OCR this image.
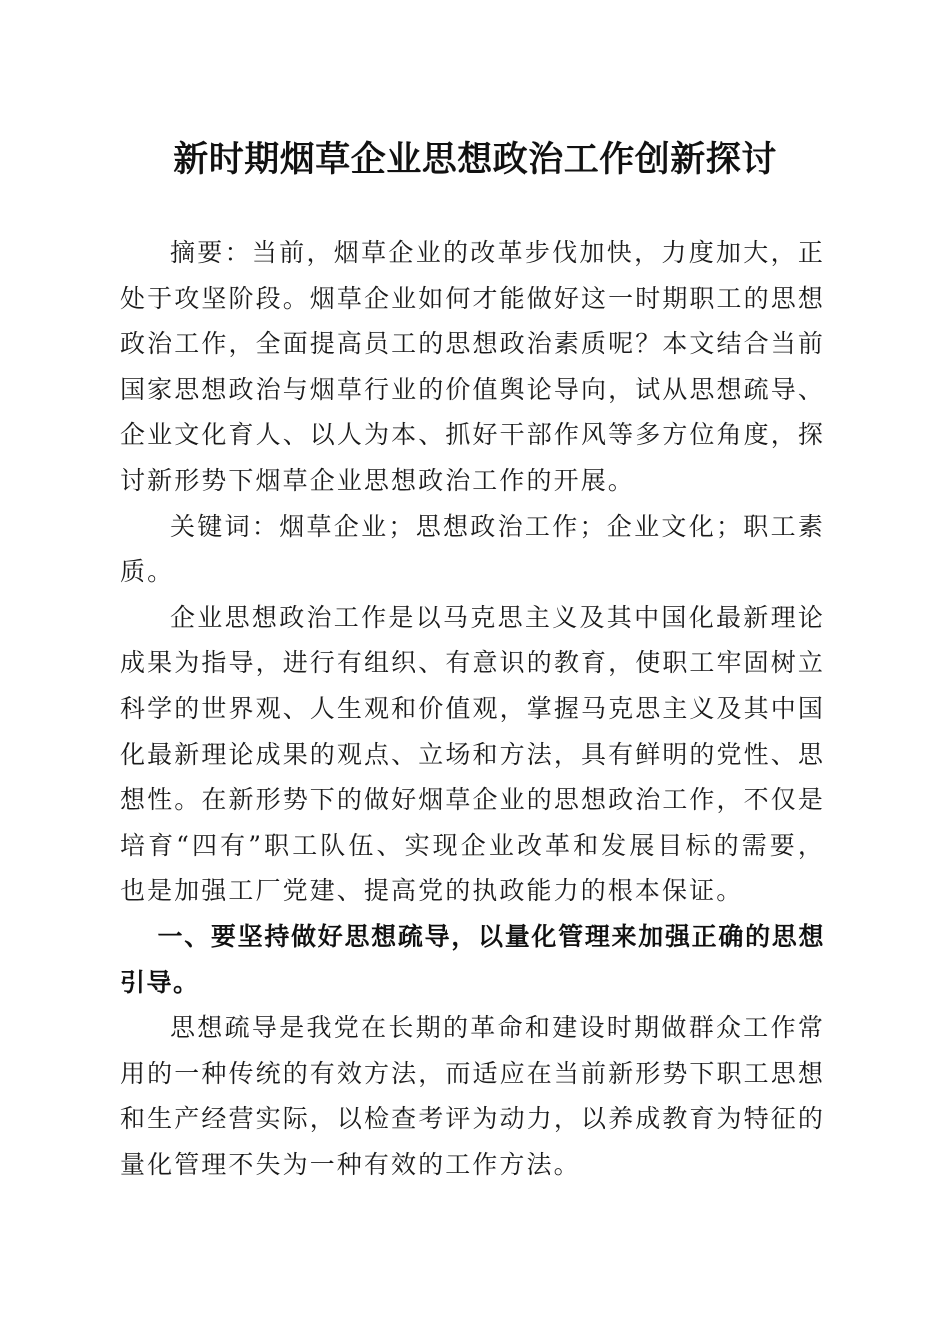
新时期烟草企业思想政治工作创新探讨

摘要：当前，烟草企业的改革步伐加快，力度加大，正处于攻坚阶段。烟草企业如何才能做好这一时期职工的思想政治工作，全面提高员工的思想政治素质呢？本文结合当前国家思想政治与烟草行业的价值舆论导向，试从思想疏导、企业文化育人、以人为本、抓好干部作风等多方位角度，探讨新形势下烟草企业思想政治工作的开展。

关键词：烟草企业；思想政治工作；企业文化；职工素质。

企业思想政治工作是以马克思主义及其中国化最新理论成果为指导，进行有组织、有意识的教育，使职工牢固树立科学的世界观、人生观和价值观，掌握马克思主义及其中国化最新理论成果的观点、立场和方法，具有鲜明的党性、思想性。在新形势下的做好烟草企业的思想政治工作，不仅是培育“四有”职工队伍、实现企业改革和发展目标的需要，也是加强工厂党建、提高党的执政能力的根本保证。

一、要坚持做好思想疏导，以量化管理来加强正确的思想引导。

思想疏导是我党在长期的革命和建设时期做群众工作常用的一种传统的有效方法，而适应在当前新形势下职工思想和生产经营实际，以检查考评为动力，以养成教育为特征的量化管理不失为一种有效的工作方法。
